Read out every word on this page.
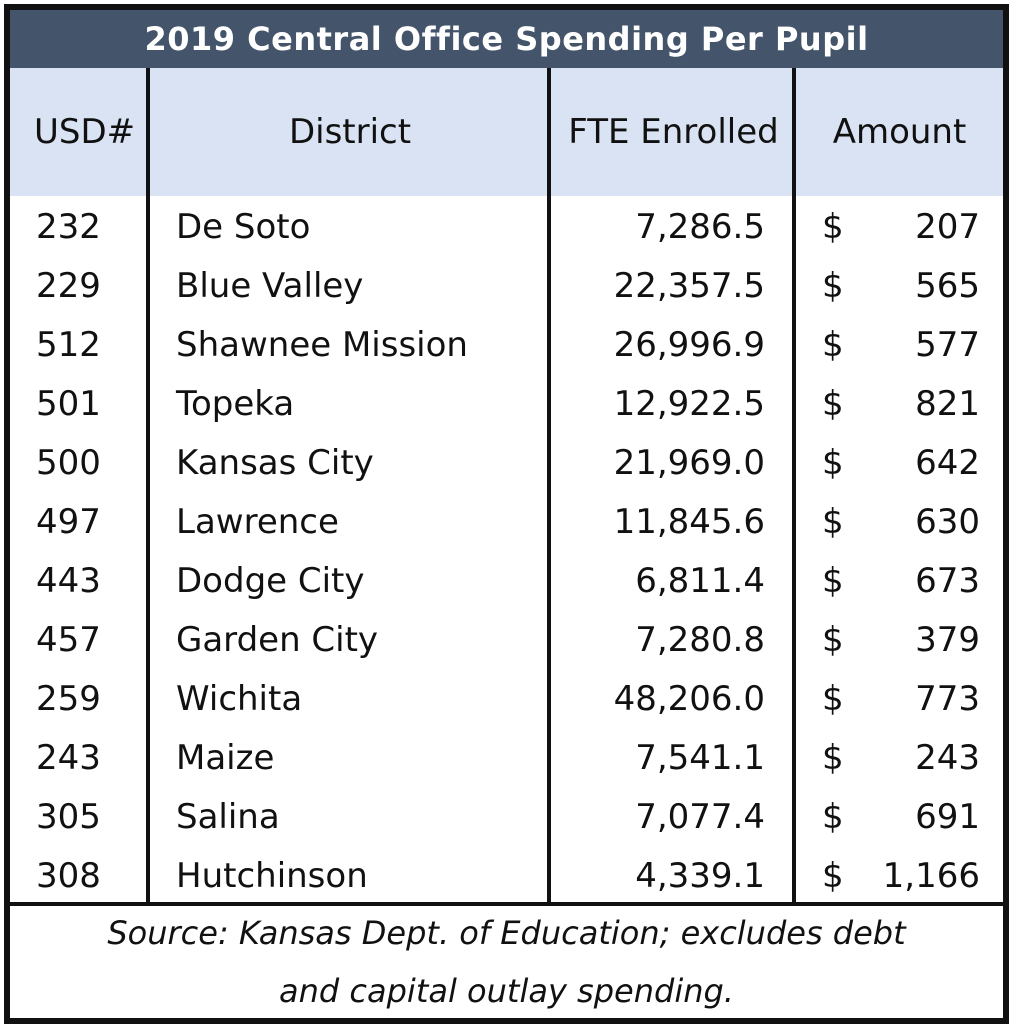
2019 Central Office Spending Per Pupil
USD#	District	FTE Enrolled	Amount
232	De Soto	7,286.5 $	207
229	Blue Valley	22,357.5 $	565
512	Shawnee Mission	26,996.9 $	577
501	Topeka	12,922.5 $	821
500	Kansas City	21,969.0 $	642
497	Lawrence	11,845.6 $	630
443	Dodge City	6,811.4 $	673
457	Garden City	7,280.8 $	379
259	Wichita	48,206.0 $	773
243	Maize	7,541.1 $	243
305	Salina	7,077.4 $	691
308	Hutchinson	4,339.1 $	1,166
Source: Kansas Dept. of Education; excludes debt
and capital outlay spending.
